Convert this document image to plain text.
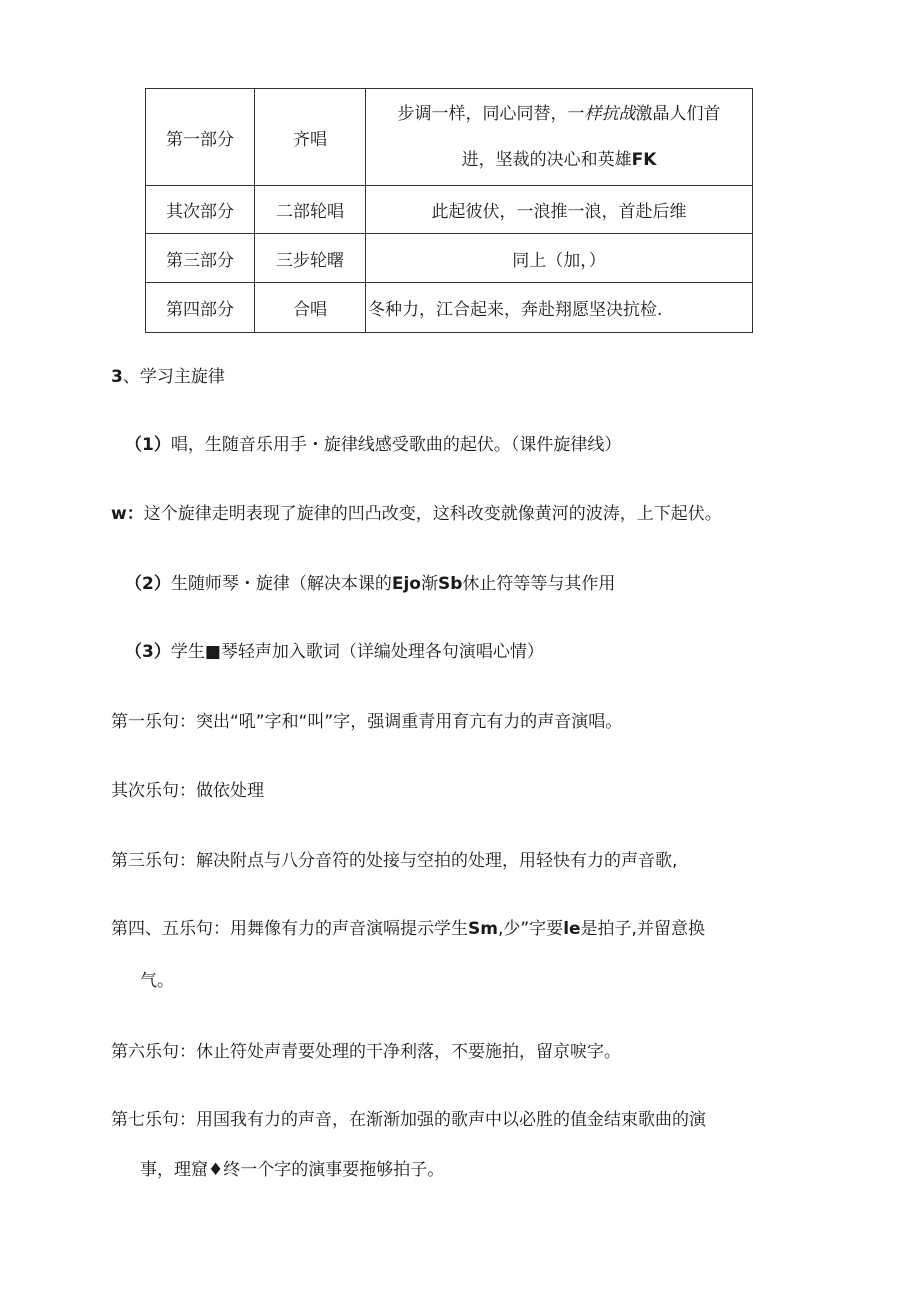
第一部分	齐唱	步调一样，同心同替，一样抗战激晶人们首
进，坚裁的决心和英雄FK
其次部分	二部轮唱	此起彼伏，一浪推一浪，首赴后维
第三部分	三步轮曙	同上（加，）
第四部分	合唱	冬种力，江合起来，奔赴翔愿坚决抗检.
3、学习主旋律
（1）唱，生随音乐用手・旋律线感受歌曲的起伏。（课件旋律线）
w：这个旋律走明表现了旋律的凹凸改变，这科改变就像黄河的波涛，上下起伏。
（2）生随师琴・旋律（解决本课的Ejo渐Sb休止符等等与其作用
（3）学生■琴轻声加入歌词（详编处理各句演唱心情）
第一乐句：突出“吼”字和“叫”字，强调重青用育亢有力的声音演唱。
其次乐句：做依处理
第三乐句：解决附点与八分音符的处接与空拍的处理，用轻快有力的声音歌,
第四、五乐句：用舞像有力的声音演嗝提示学生Sm,少”字要le是拍子,并留意换
气。
第六乐句：休止符处声青要处理的干净利落，不要施拍，留京唳字。
第七乐句：用国我有力的声音，在渐渐加强的歌声中以必胜的值金结束歌曲的演
事，理窟♦终一个字的演事要拖够拍子。
